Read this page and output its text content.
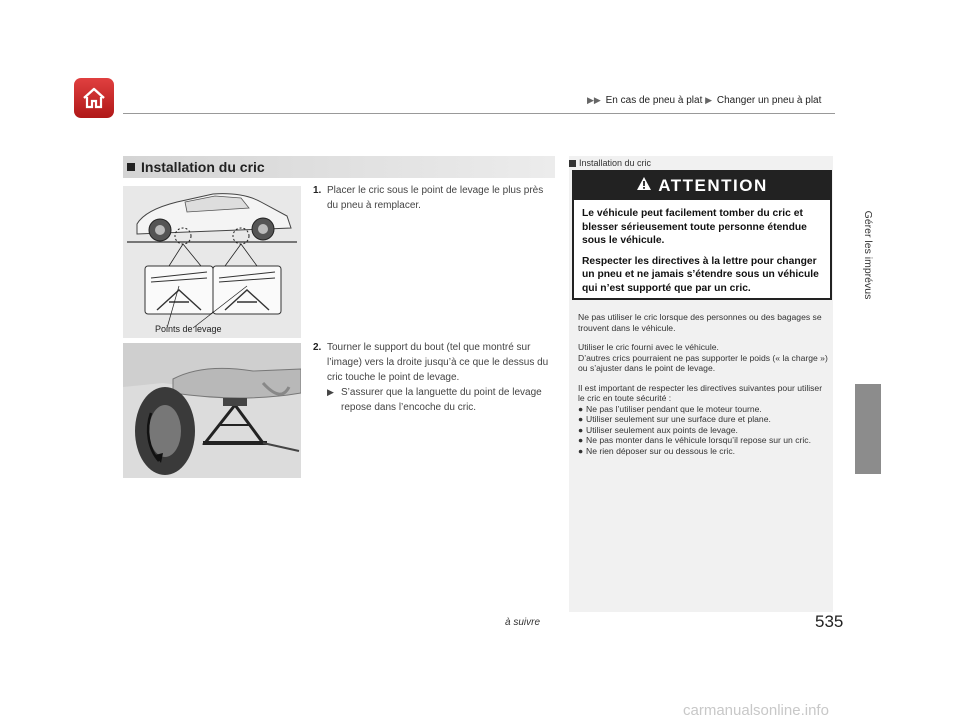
▶▶ En cas de pneu à plat ▶ Changer un pneu à plat
Gérer les imprévus
Installation du cric
Points de levage
1. Placer le cric sous le point de levage le plus près du pneu à remplacer.
2. Tourner le support du bout (tel que montré sur l’image) vers la droite jusqu’à ce que le dessus du cric touche le point de levage.
▶ S’assurer que la languette du point de levage repose dans l’encoche du cric.
Installation du cric
ATTENTION

Le véhicule peut facilement tomber du cric et blesser sérieusement toute personne étendue sous le véhicule.

Respecter les directives à la lettre pour changer un pneu et ne jamais s’étendre sous un véhicule qui n’est supporté que par un cric.

Ne pas utiliser le cric lorsque des personnes ou des bagages se trouvent dans le véhicule.

Utiliser le cric fourni avec le véhicule.
D’autres crics pourraient ne pas supporter le poids (« la charge ») ou s’ajuster dans le point de levage.

Il est important de respecter les directives suivantes pour utiliser le cric en toute sécurité :

● Ne pas l’utiliser pendant que le moteur tourne.
● Utiliser seulement sur une surface dure et plane.
● Utiliser seulement aux points de levage.
● Ne pas monter dans le véhicule lorsqu’il repose sur un cric.
● Ne rien déposer sur ou dessous le cric.
à suivre	535
carmanualsonline.info
